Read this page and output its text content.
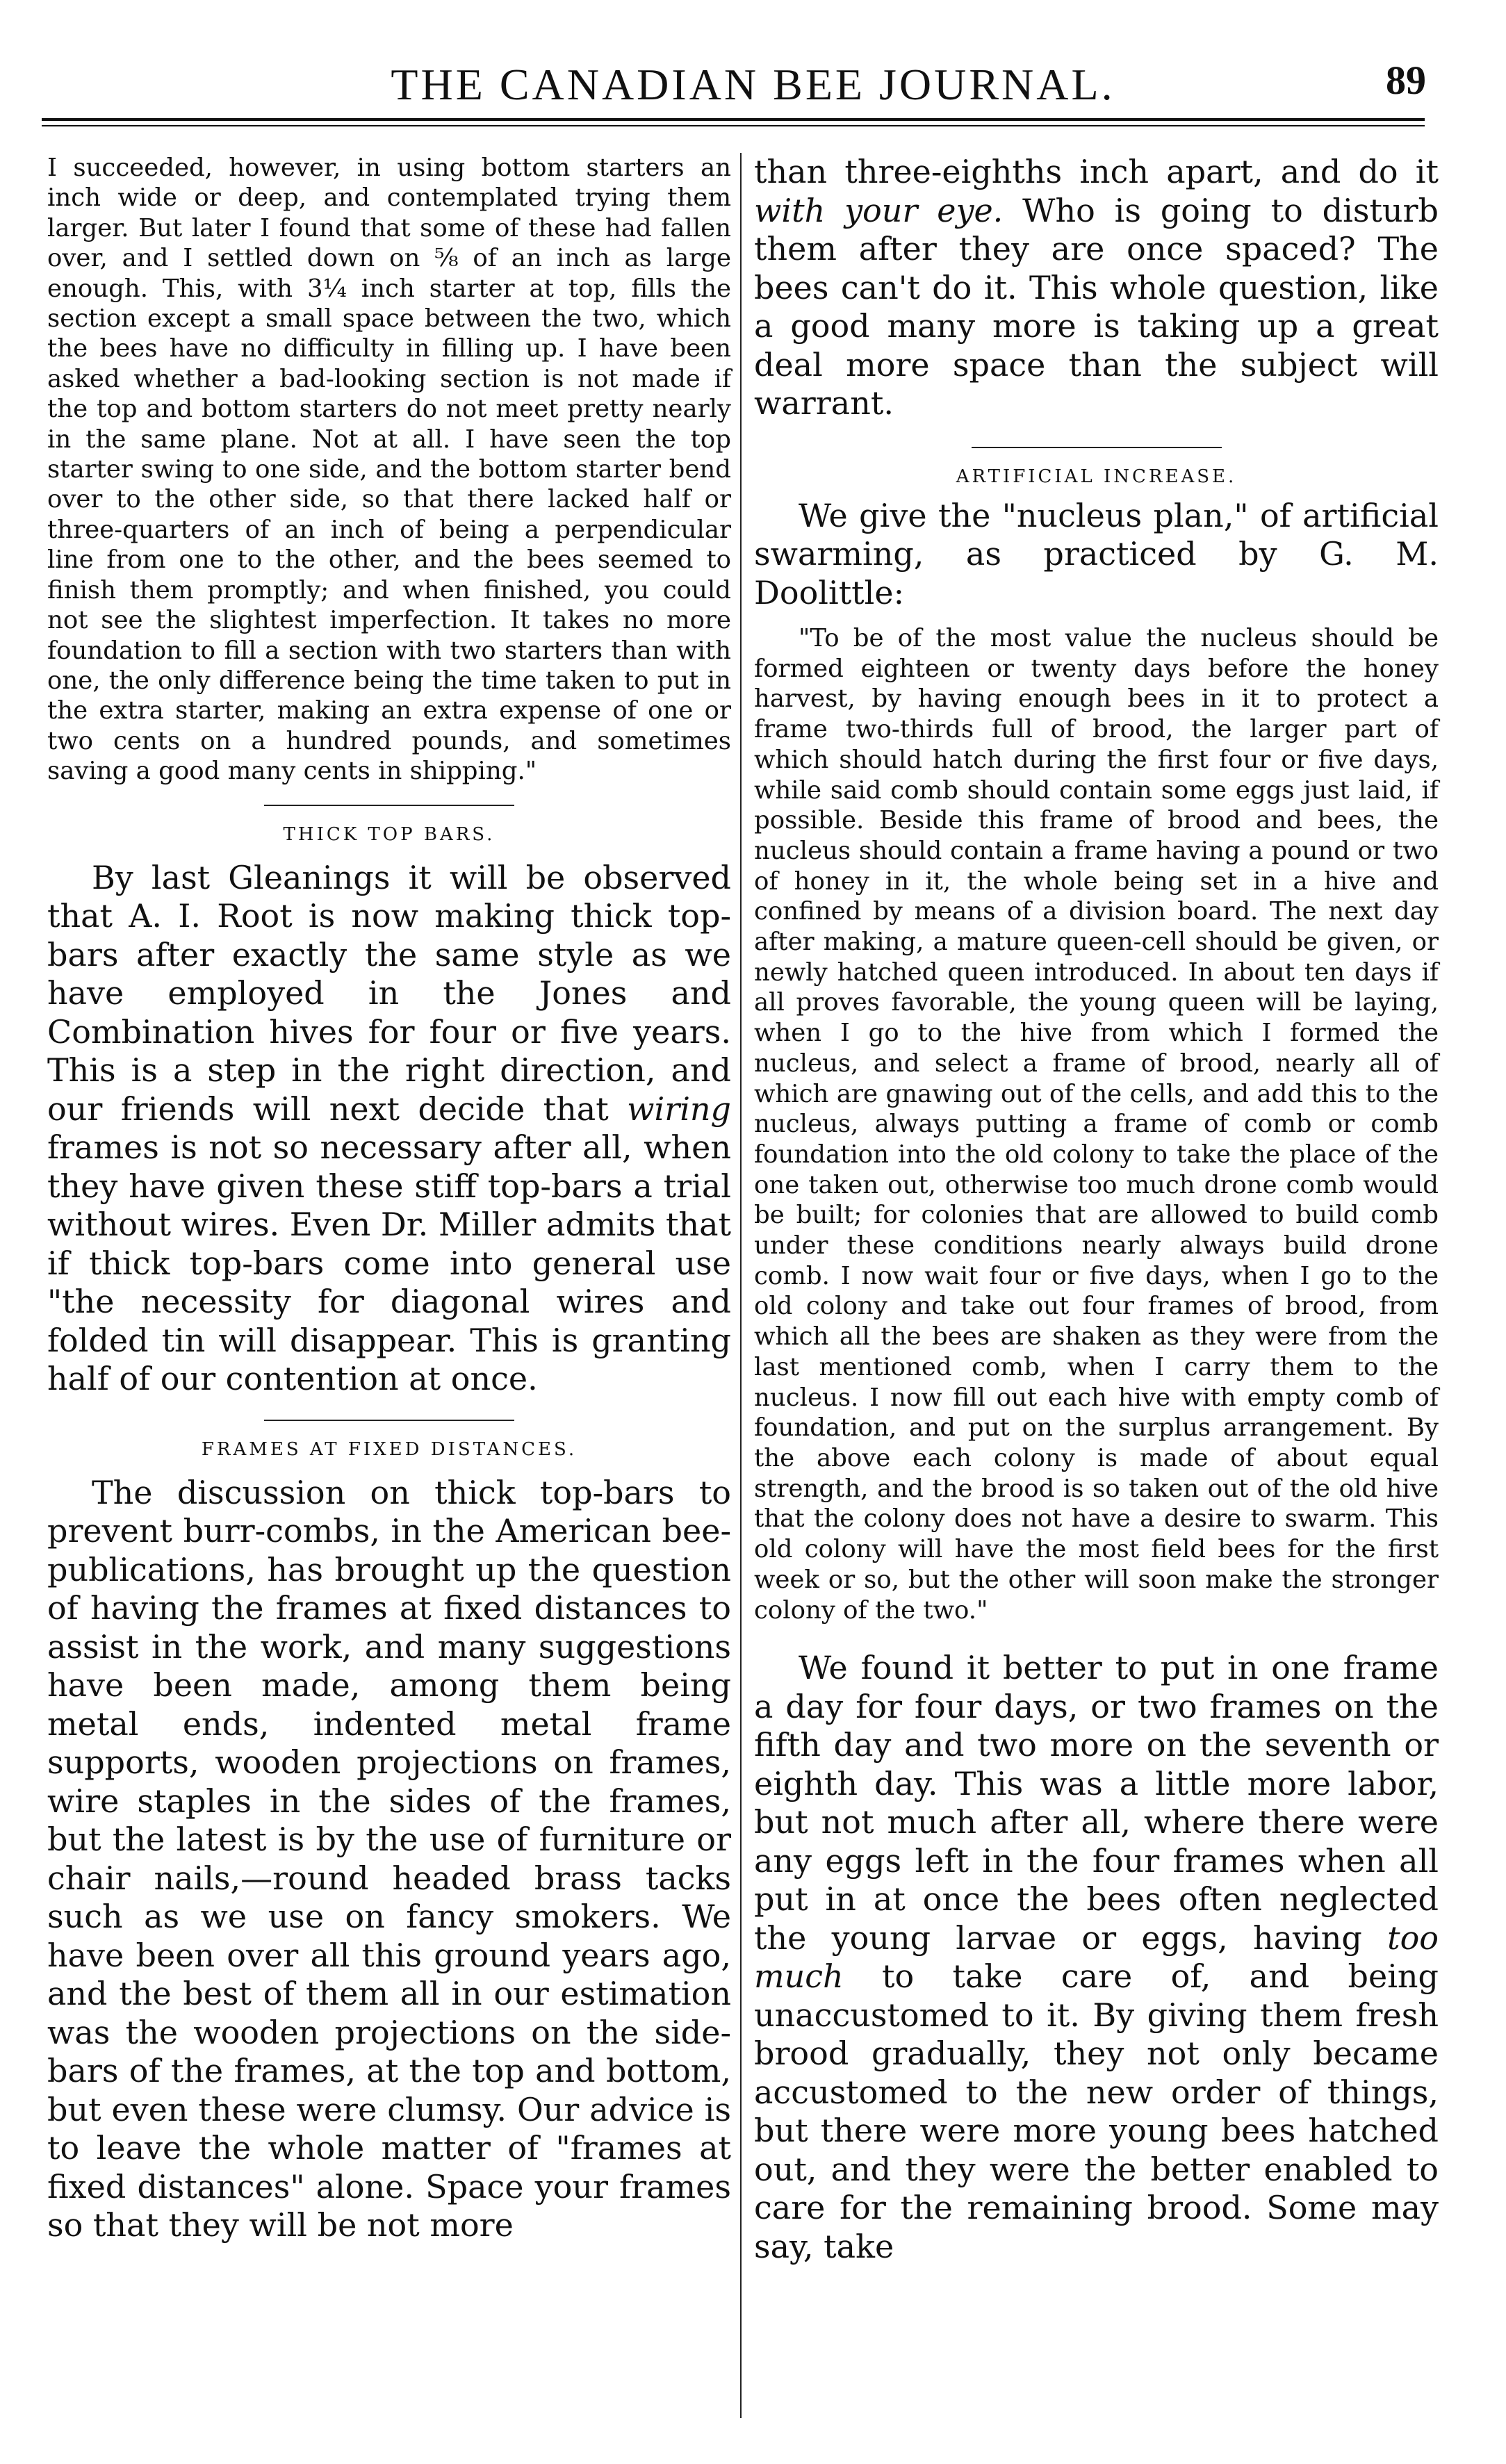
THE CANADIAN BEE JOURNAL.	89

I succeeded, however, in using bottom starters an inch wide or deep, and contemplated trying them larger. But later I found that some of these had fallen over, and I settled down on ⅝ of an inch as large enough. This, with 3¼ inch starter at top, fills the section except a small space between the two, which the bees have no difficulty in filling up. I have been asked whether a bad-looking section is not made if the top and bottom starters do not meet pretty nearly in the same plane. Not at all. I have seen the top starter swing to one side, and the bottom starter bend over to the other side, so that there lacked half or three-quarters of an inch of being a perpendicular line from one to the other, and the bees seemed to finish them promptly; and when finished, you could not see the slightest imperfection. It takes no more foundation to fill a section with two starters than with one, the only difference being the time taken to put in the extra starter, making an extra expense of one or two cents on a hundred pounds, and sometimes saving a good many cents in shipping."

THICK TOP BARS.

By last Gleanings it will be observed that A. I. Root is now making thick top-bars after exactly the same style as we have employed in the Jones and Combination hives for four or five years. This is a step in the right direction, and our friends will next decide that wiring frames is not so necessary after all, when they have given these stiff top-bars a trial without wires. Even Dr. Miller admits that if thick top-bars come into general use "the necessity for diagonal wires and folded tin will disappear. This is granting half of our contention at once.

FRAMES AT FIXED DISTANCES.

The discussion on thick top-bars to prevent burr-combs, in the American bee-publications, has brought up the question of having the frames at fixed distances to assist in the work, and many suggestions have been made, among them being metal ends, indented metal frame supports, wooden projections on frames, wire staples in the sides of the frames, but the latest is by the use of furniture or chair nails,—round headed brass tacks such as we use on fancy smokers. We have been over all this ground years ago, and the best of them all in our estimation was the wooden projections on the side-bars of the frames, at the top and bottom, but even these were clumsy. Our advice is to leave the whole matter of "frames at fixed distances" alone. Space your frames so that they will be not more

than three-eighths inch apart, and do it with your eye. Who is going to disturb them after they are once spaced? The bees can't do it. This whole question, like a good many more is taking up a great deal more space than the subject will warrant.

ARTIFICIAL INCREASE.

We give the "nucleus plan," of artificial swarming, as practiced by G. M. Doolittle:

"To be of the most value the nucleus should be formed eighteen or twenty days before the honey harvest, by having enough bees in it to protect a frame two-thirds full of brood, the larger part of which should hatch during the first four or five days, while said comb should contain some eggs just laid, if possible. Beside this frame of brood and bees, the nucleus should contain a frame having a pound or two of honey in it, the whole being set in a hive and confined by means of a division board. The next day after making, a mature queen-cell should be given, or newly hatched queen introduced. In about ten days if all proves favorable, the young queen will be laying, when I go to the hive from which I formed the nucleus, and select a frame of brood, nearly all of which are gnawing out of the cells, and add this to the nucleus, always putting a frame of comb or comb foundation into the old colony to take the place of the one taken out, otherwise too much drone comb would be built; for colonies that are allowed to build comb under these conditions nearly always build drone comb. I now wait four or five days, when I go to the old colony and take out four frames of brood, from which all the bees are shaken as they were from the last mentioned comb, when I carry them to the nucleus. I now fill out each hive with empty comb of foundation, and put on the surplus arrangement. By the above each colony is made of about equal strength, and the brood is so taken out of the old hive that the colony does not have a desire to swarm. This old colony will have the most field bees for the first week or so, but the other will soon make the stronger colony of the two."

We found it better to put in one frame a day for four days, or two frames on the fifth day and two more on the seventh or eighth day. This was a little more labor, but not much after all, where there were any eggs left in the four frames when all put in at once the bees often neglected the young larvae or eggs, having too much to take care of, and being unaccustomed to it. By giving them fresh brood gradually, they not only became accustomed to the new order of things, but there were more young bees hatched out, and they were the better enabled to care for the remaining brood. Some may say, take
